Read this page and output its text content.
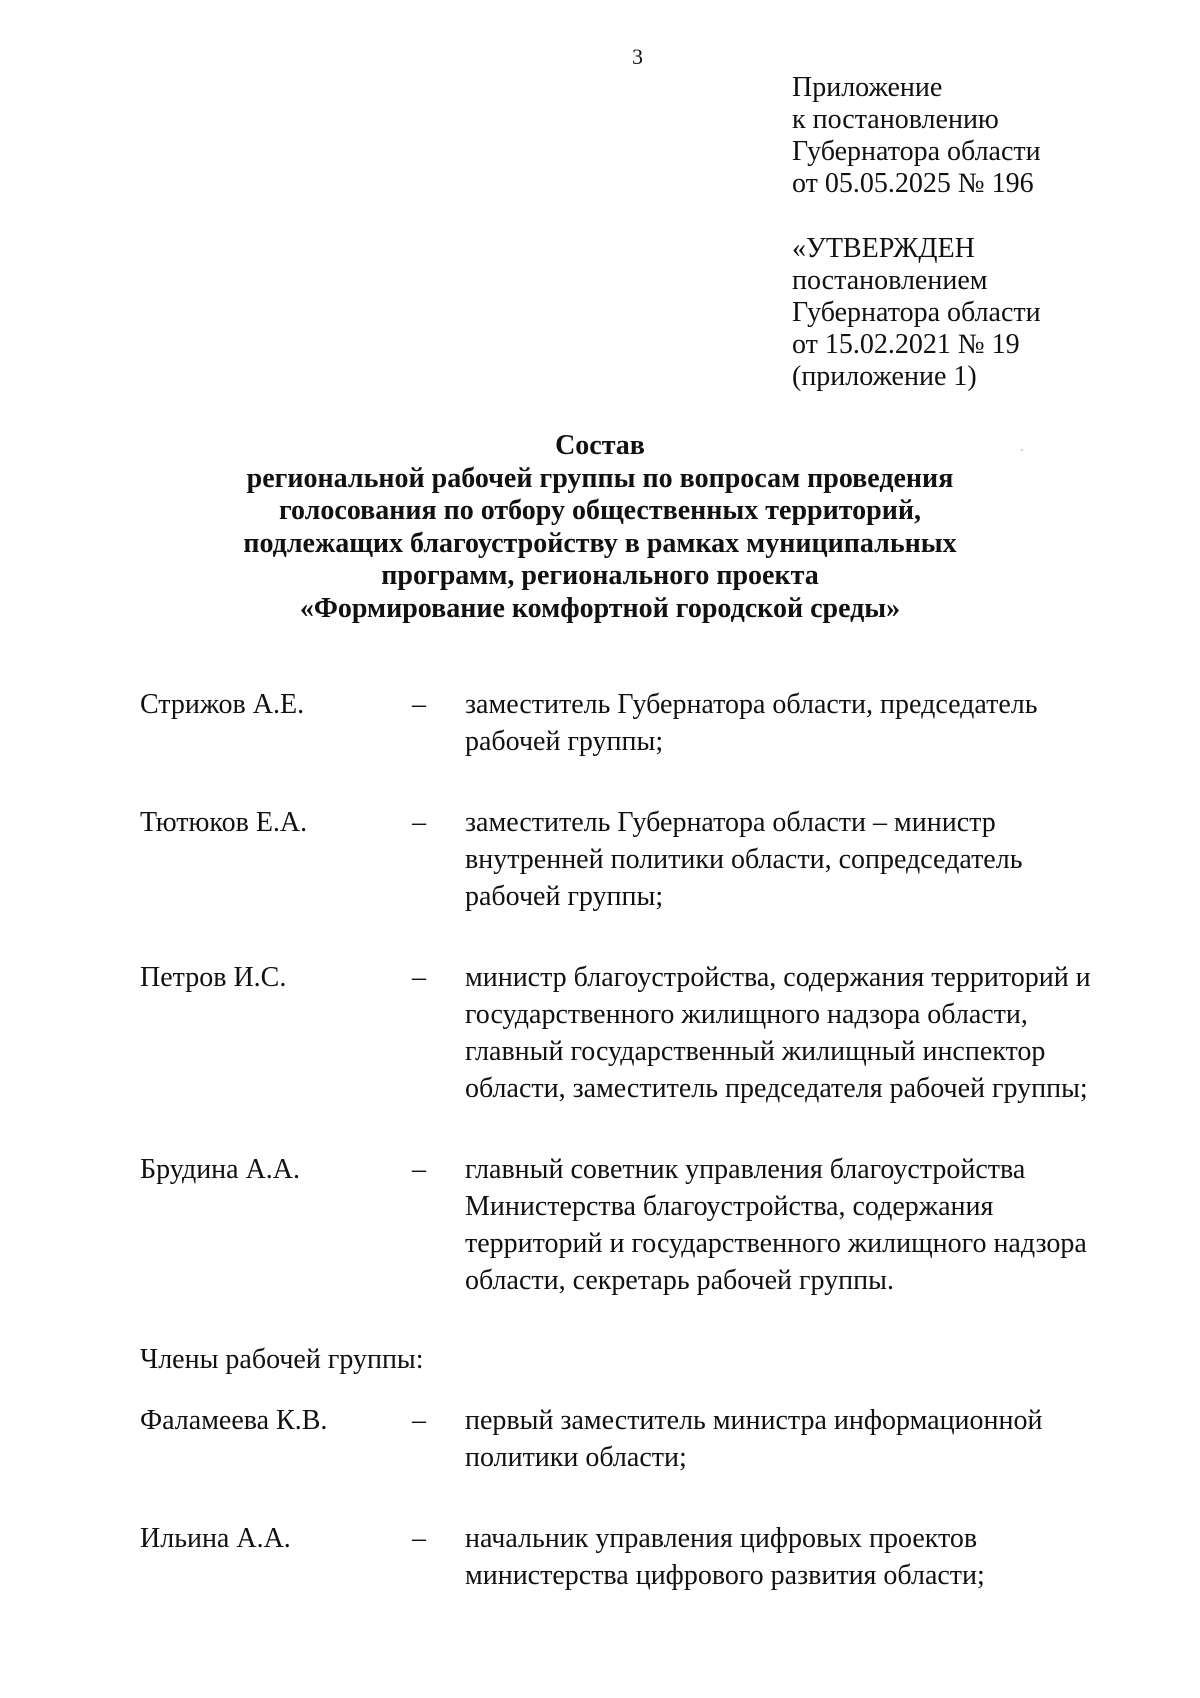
3
Приложение
к постановлению
Губернатора области
от 05.05.2025 № 196
«УТВЕРЖДЕН
постановлением
Губернатора области
от 15.02.2021 № 19
(приложение 1)
Состав
региональной рабочей группы по вопросам проведения
голосования по отбору общественных территорий,
подлежащих благоустройству в рамках муниципальных
программ, регионального проекта
«Формирование комфортной городской среды»
Стрижов А.Е.	– заместитель Губернатора области, председатель
рабочей группы;
Тютюков Е.А.	– заместитель Губернатора области – министр
внутренней политики области, сопредседатель
рабочей группы;
Петров И.С.	– министр благоустройства, содержания территорий и
государственного жилищного надзора области,
главный государственный жилищный инспектор
области, заместитель председателя рабочей группы;
Брудина А.А.	– главный советник управления благоустройства
Министерства благоустройства, содержания
территорий и государственного жилищного надзора
области, секретарь рабочей группы.
Члены рабочей группы:
Фаламеева К.В.	– первый заместитель министра информационной
политики области;
Ильина А.А.	– начальник управления цифровых проектов
министерства цифрового развития области;
